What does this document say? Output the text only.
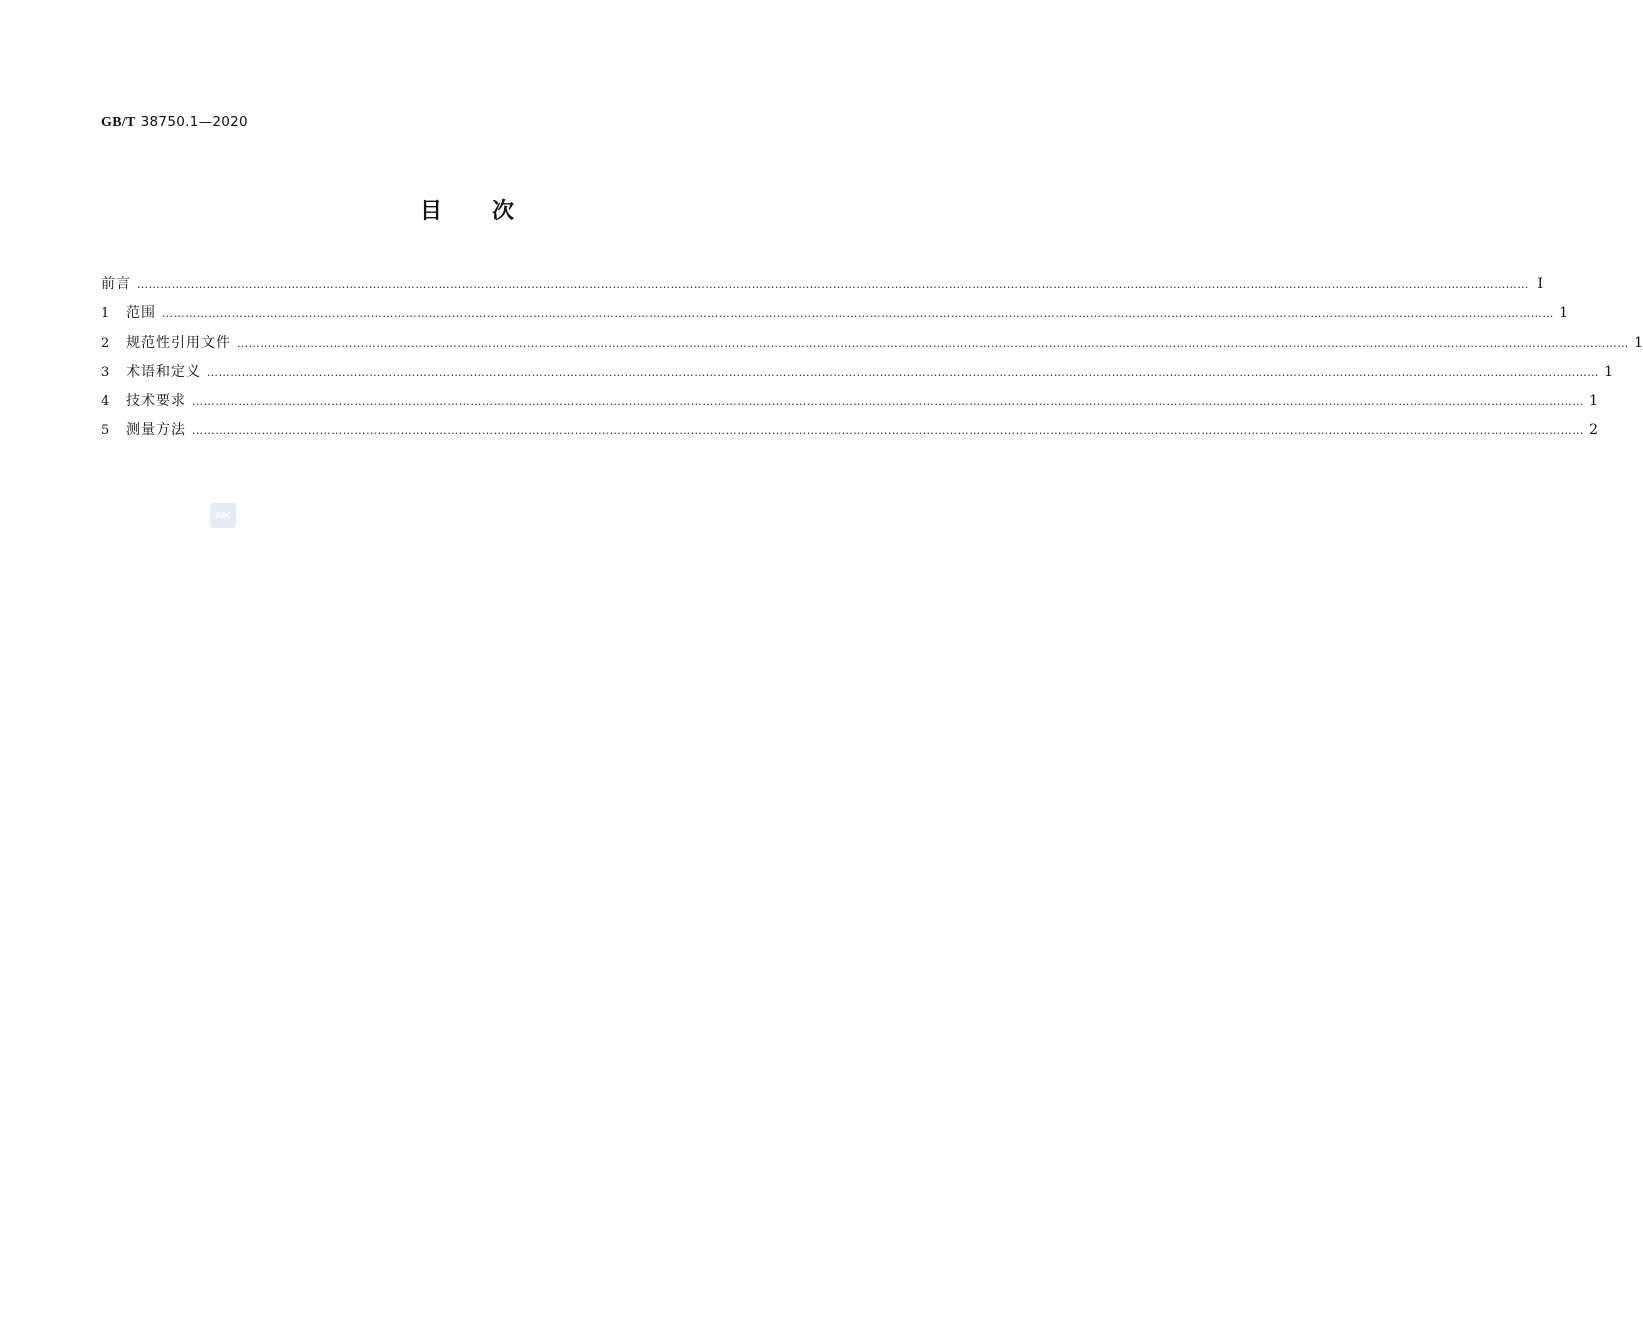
GB/T 38750.1—2020
目 次
前言 ……………………………………………………………………………………………………………………………………………………………………………………………………………………………………………………………………………………………………………………………… Ⅰ
1	范围 ……………………………………………………………………………………………………………………………………………………………………………………………………………………………………………………………………………………………………………………………… 1
2	规范性引用文件 ……………………………………………………………………………………………………………………………………………………………………………………………………………………………………………………………………………………………………………………………… 1
3	术语和定义 ……………………………………………………………………………………………………………………………………………………………………………………………………………………………………………………………………………………………………………………………… 1
4	技术要求 ……………………………………………………………………………………………………………………………………………………………………………………………………………………………………………………………………………………………………………………………… 1
5	测量方法 ……………………………………………………………………………………………………………………………………………………………………………………………………………………………………………………………………………………………………………………………… 2
SAC
